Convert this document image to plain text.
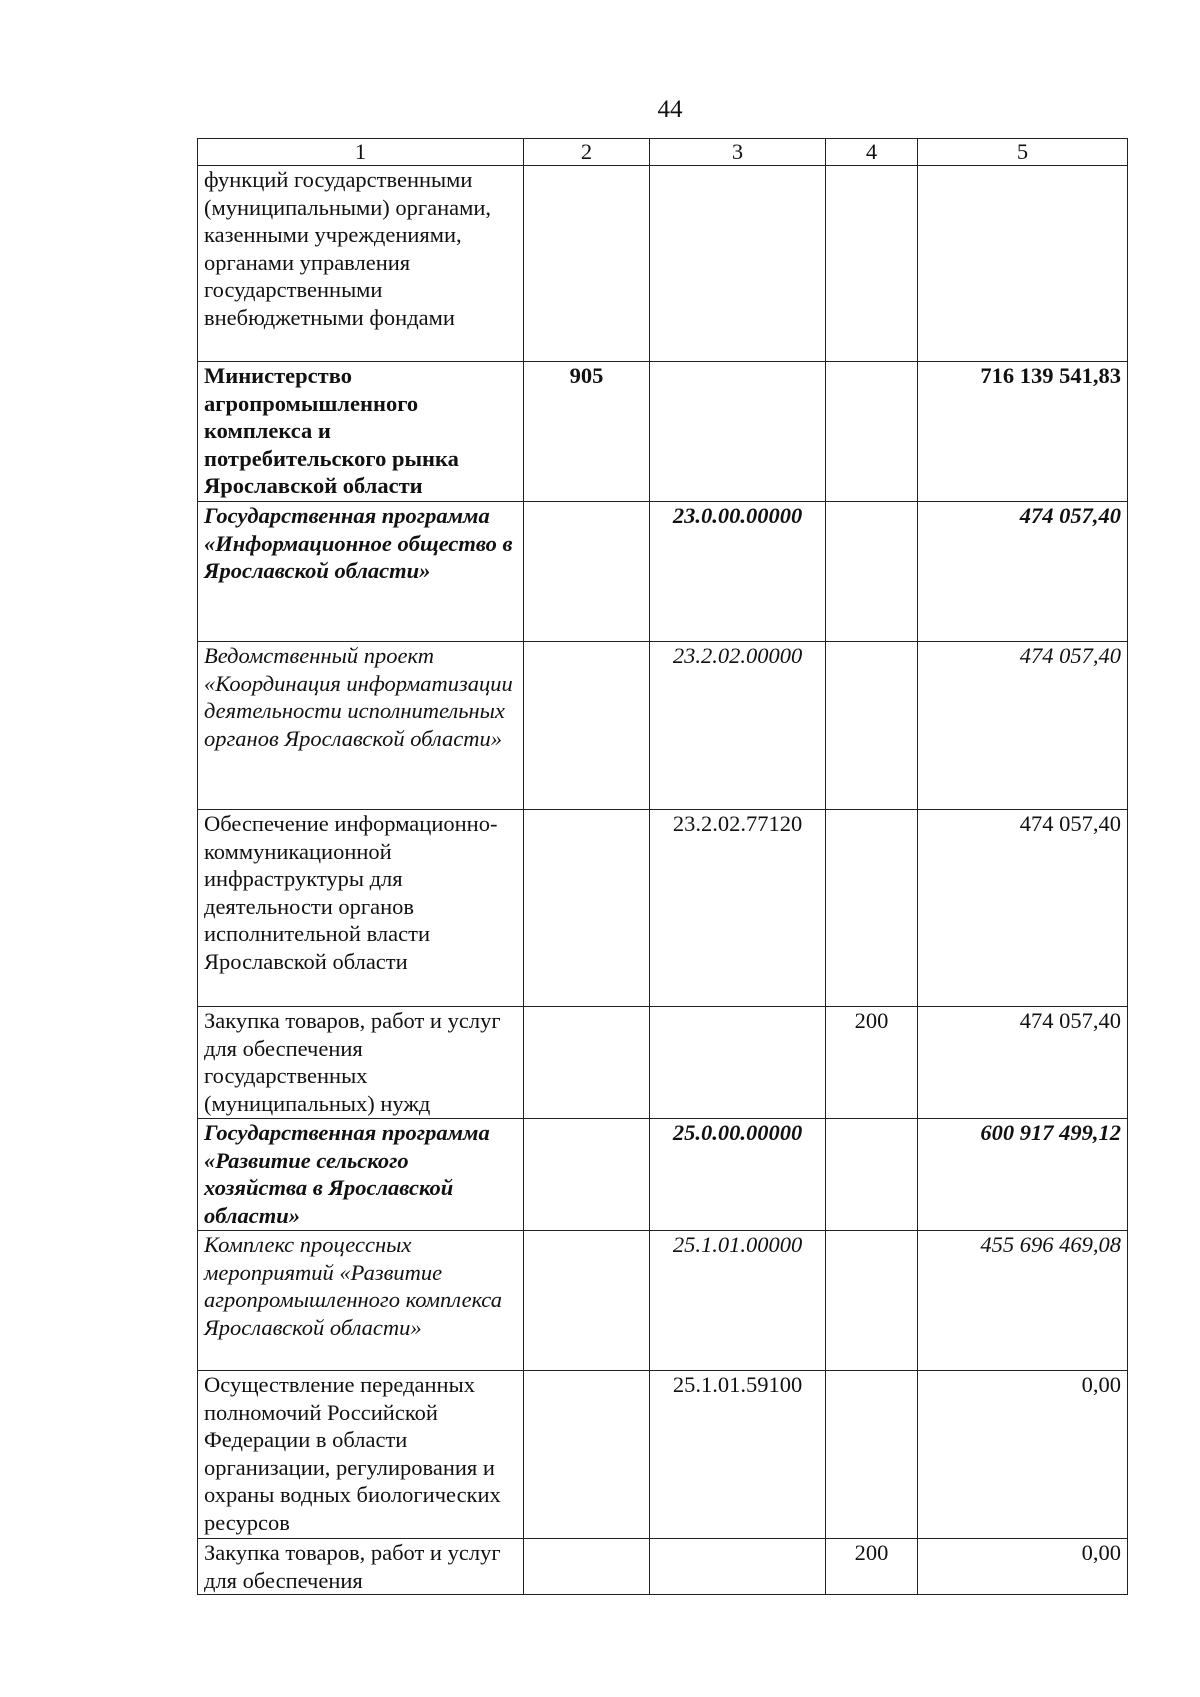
44
1	2	3	4	5
функций государственными (муниципальными) органами, казенными учреждениями, органами управления государственными внебюджетными фондами				
Министерство агропромышленного комплекса и потребительского рынка Ярославской области	905			716 139 541,83
Государственная программа «Информационное общество в Ярославской области»		23.0.00.00000		474 057,40
Ведомственный проект «Координация информатизации деятельности исполнительных органов Ярославской области»		23.2.02.00000		474 057,40
Обеспечение информационно-коммуникационной инфраструктуры для деятельности органов исполнительной власти Ярославской области		23.2.02.77120		474 057,40
Закупка товаров, работ и услуг для обеспечения государственных (муниципальных) нужд			200	474 057,40
Государственная программа «Развитие сельского хозяйства в Ярославской области»		25.0.00.00000		600 917 499,12
Комплекс процессных мероприятий «Развитие агропромышленного комплекса Ярославской области»		25.1.01.00000		455 696 469,08
Осуществление переданных полномочий Российской Федерации в области организации, регулирования и охраны водных биологических ресурсов		25.1.01.59100		0,00
Закупка товаров, работ и услуг для обеспечения			200	0,00
